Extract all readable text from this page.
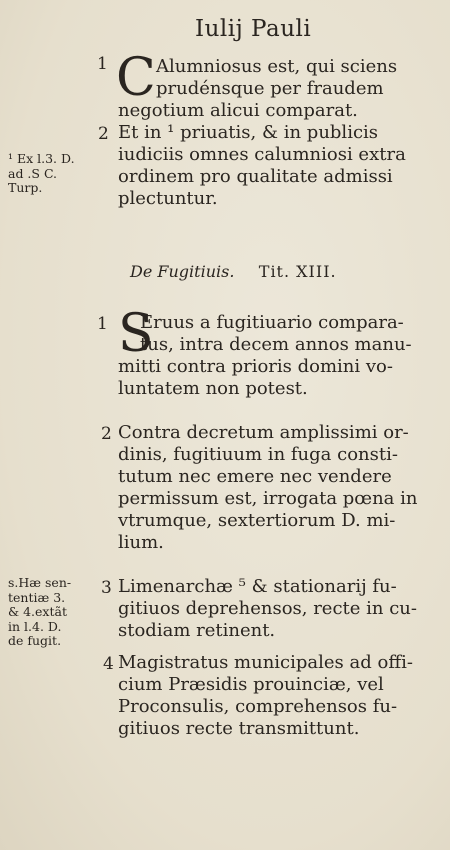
Iulij Pauli
1 C Alumniosus est, qui sciens
prudénsque per fraudem
negotium alicui comparat.
2 Et in ¹ priuatis, & in publicis
iudiciis omnes calumniosi extra
ordinem pro qualitate admissi
plectuntur.
¹ Ex l.3. D.
ad .S C.
Turp.
De Fugitiuis. Tit. XIII.
1 S
Eruus a fugitiuario compara-
tus, intra decem annos manu-
mitti contra prioris domini vo-
luntatem non potest.
2 Contra decretum amplissimi or-
dinis, fugitiuum in fuga consti-
tutum nec emere nec vendere
permissum est, irrogata pœna in
vtrumque, sextertiorum D. mi-
lium.
s.Hæ sen-
tentiæ 3.
& 4.extãt
in l.4. D.
de fugit.
3 Limenarchæ ⁵ & stationarij fu-
gitiuos deprehensos, recte in cu-
stodiam retinent.
4 Magistratus municipales ad offi-
cium Præsidis prouinciæ, vel
Proconsulis, comprehensos fu-
gitiuos recte transmittunt.
